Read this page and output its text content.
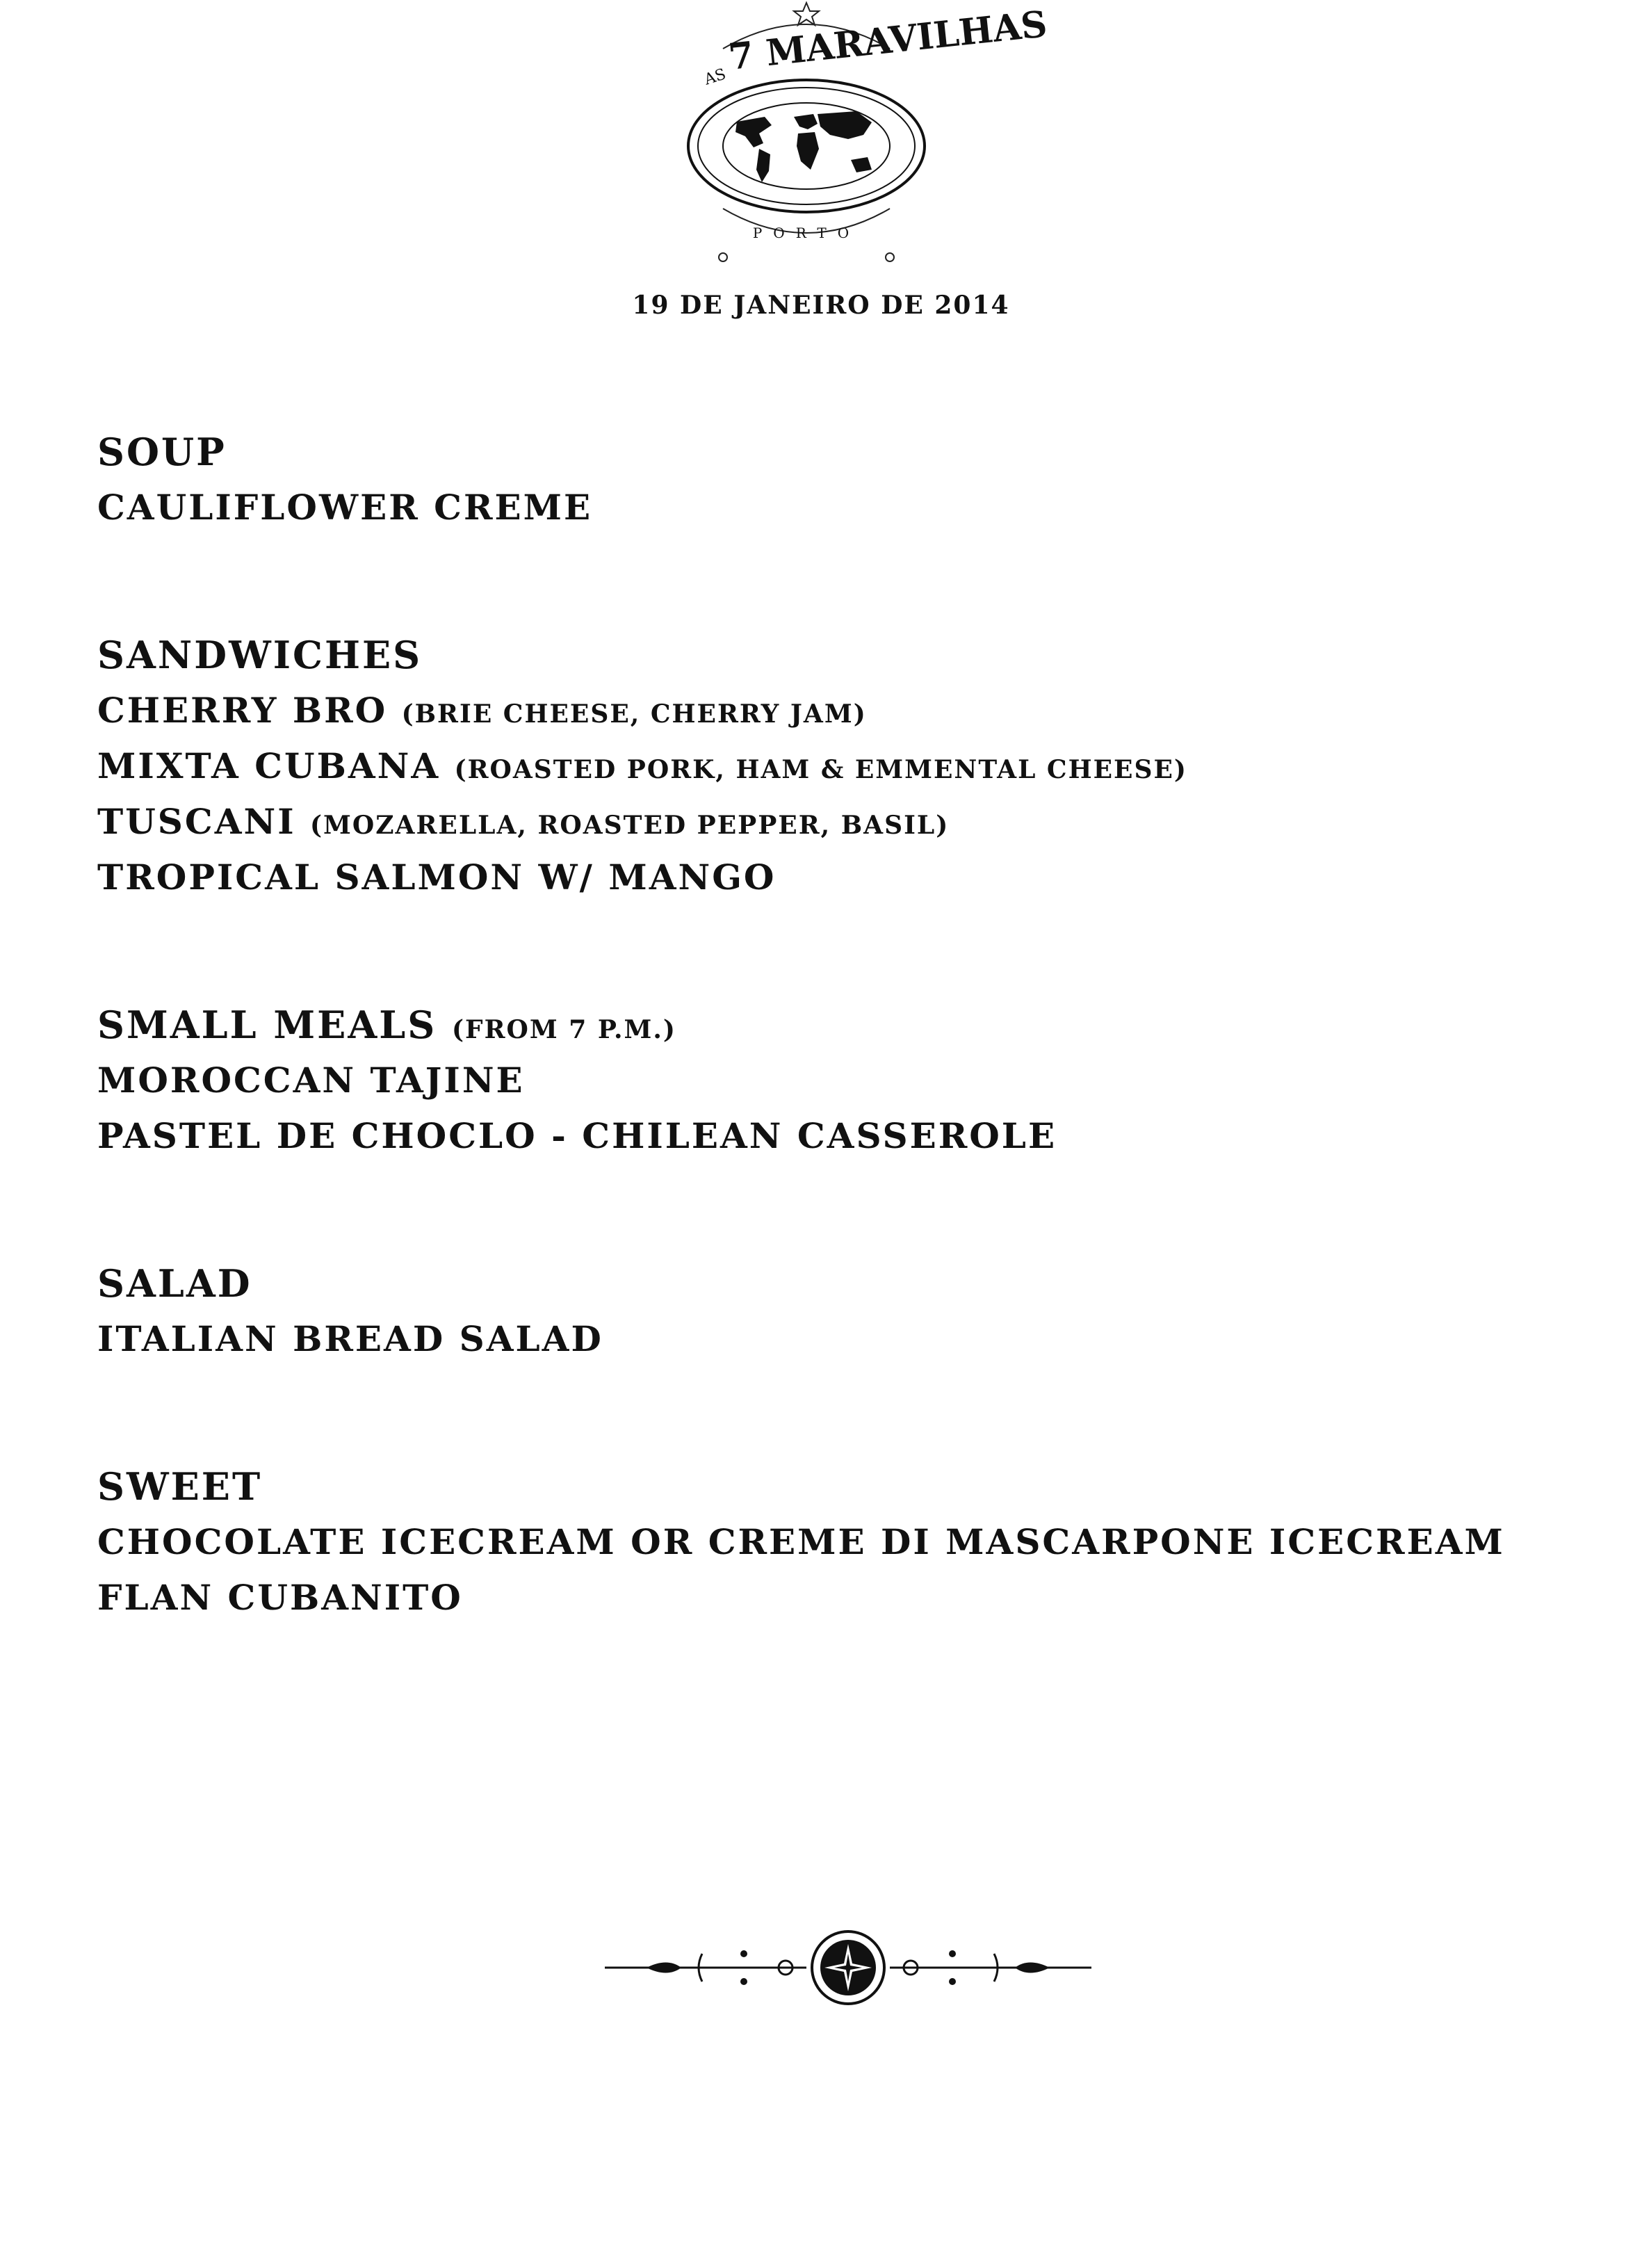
AS
7 MARAVILHAS
PORTO
19 DE JANEIRO DE 2014
SOUP
CAULIFLOWER CREME
SANDWICHES
CHERRY BRO (BRIE CHEESE, CHERRY JAM)
MIXTA CUBANA (ROASTED PORK, HAM & EMMENTAL CHEESE)
TUSCANI (MOZARELLA, ROASTED PEPPER, BASIL)
TROPICAL SALMON W/ MANGO
SMALL MEALS (FROM 7 P.M.)
MOROCCAN TAJINE
PASTEL DE CHOCLO - CHILEAN CASSEROLE
SALAD
ITALIAN BREAD SALAD
SWEET
CHOCOLATE ICECREAM OR CREME DI MASCARPONE ICECREAM
FLAN CUBANITO
